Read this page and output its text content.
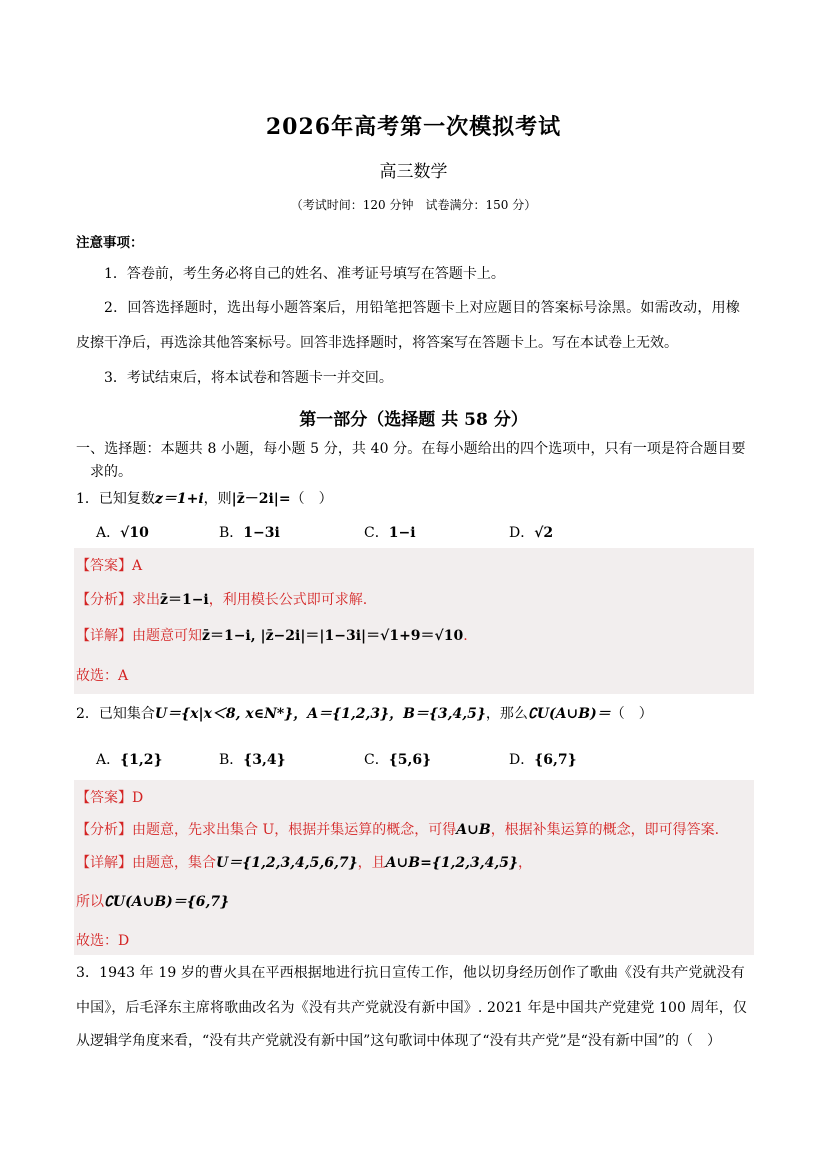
2026年高考第一次模拟考试
高三数学
（考试时间：120 分钟　试卷满分：150 分）
注意事项：
1．答卷前，考生务必将自己的姓名、准考证号填写在答题卡上。
2．回答选择题时，选出每小题答案后，用铅笔把答题卡上对应题目的答案标号涂黑。如需改动，用橡
皮擦干净后，再选涂其他答案标号。回答非选择题时，将答案写在答题卡上。写在本试卷上无效。
3．考试结束后，将本试卷和答题卡一并交回。
第一部分（选择题 共 58 分）
一、选择题：本题共 8 小题，每小题 5 分，共 40 分。在每小题给出的四个选项中，只有一项是符合题目要
求的。
1．已知复数z＝1+i，则|z̄－2i|=（　）
A．√10	B．1−3i	C．1−i	D．√2
【答案】A
【分析】求出z̄＝1−i，利用模长公式即可求解.
【详解】由题意可知z̄＝1−i, |z̄−2i|＝|1−3i|＝√1+9＝√10.
故选：A
2．已知集合U＝{x|x＜8, x∈N*}，A＝{1,2,3}，B＝{3,4,5}，那么∁U(A∪B)＝（　）
A．{1,2}	B．{3,4}	C．{5,6}	D．{6,7}
【答案】D
【分析】由题意，先求出集合 U，根据并集运算的概念，可得A∪B，根据补集运算的概念，即可得答案.
【详解】由题意，集合U＝{1,2,3,4,5,6,7}，且A∪B={1,2,3,4,5}，
所以∁U(A∪B)＝{6,7}
故选：D
3．1943 年 19 岁的曹火具在平西根据地进行抗日宣传工作，他以切身经历创作了歌曲《没有共产党就没有
中国》，后毛泽东主席将歌曲改名为《没有共产党就没有新中国》. 2021 年是中国共产党建党 100 周年，仅
从逻辑学角度来看，“没有共产党就没有新中国”这句歌词中体现了“没有共产党”是“没有新中国”的（　）
